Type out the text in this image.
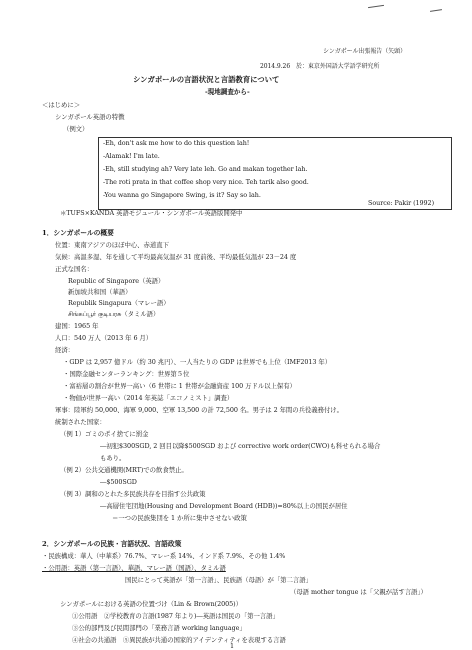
シンガポール出張報告（矢頭）
2014.9.26　於：東京外国語大学語学研究所
シンガポールの言語状況と言語教育について
-現地調査から-
＜はじめに＞
シンガポール英語の特徴
（例文）
-Eh, don't ask me how to do this question lah!
-Alamak! I'm late.
-Eh, still studying ah? Very late leh. Go and makan together lah.
-The roti prata in that coffee shop very nice. Teh tarik also good.
-You wanna go Singapore Swing, is it? Say so lah.
Source: Pakir (1992)
＊TUFS×KANDA 英語モジュール・シンガポール英語版開発中
1．シンガポールの概要
位置：東南アジアのほぼ中心、赤道直下
気候：高温多湿、年を通して平均最高気温が 31 度前後、平均最低気温が 23－24 度
正式な国名：
Republic of Singapore（英語）
新加坡共和国（華語）
Republik Singapura（マレー語）
சிங்கப்பூர் குடியரசு（タミル語）
建国：1965 年
人口：540 万人（2013 年 6 月）
経済：
・GDP は 2,957 億ドル（約 30 兆円）、一人当たりの GDP は世界でも上位（IMF2013 年）
・国際金融センターランキング：世界第５位
・富裕層の割合が世界一高い（6 世帯に 1 世帯が金融資産 100 万ドル以上保有）
・物価が世界一高い（2014 年英誌「エコノミスト」調査）
軍事：陸軍約 50,000、海軍 9,000、空軍 13,500 の計 72,500 名。男子は 2 年間の兵役義務付け。
統制された国家：
（例 1）ゴミのポイ捨てに罰金
―初犯$300SGD, 2 回目以降$500SGD および corrective work order(CWO)も科せられる場合
もあり。
（例 2）公共交通機関(MRT)での飲食禁止。
―$500SGD
（例 3）調和のとれた多民族共存を目指す公共政策
―高層住宅団地(Housing and Development Board (HDB))=80%以上の国民が居住
＝一つの民族集団を 1 か所に集中させない政策
2．シンガポールの民族・言語状況、言語政策
・民族構成：華人（中華系）76.7%、マレー系 14%、インド系 7.9%、その他 1.4%
・公用語：英語（第一言語）、華語、マレー語（国語）、タミル語
国民にとって英語が「第一言語」、民族語（母語）が「第二言語」
（母語 mother tongue は「父親が話す言語」）
シンガポールにおける英語の位置づけ（Lin & Brown(2005)）
①公用語　②学校教育の言語(1987 年より)―英語は国民の「第一言語」
③公的部門及び民間部門の「業務言語 working language」
④社会の共通語　⑤異民族が共通の国家的アイデンティティを表現する言語
1
